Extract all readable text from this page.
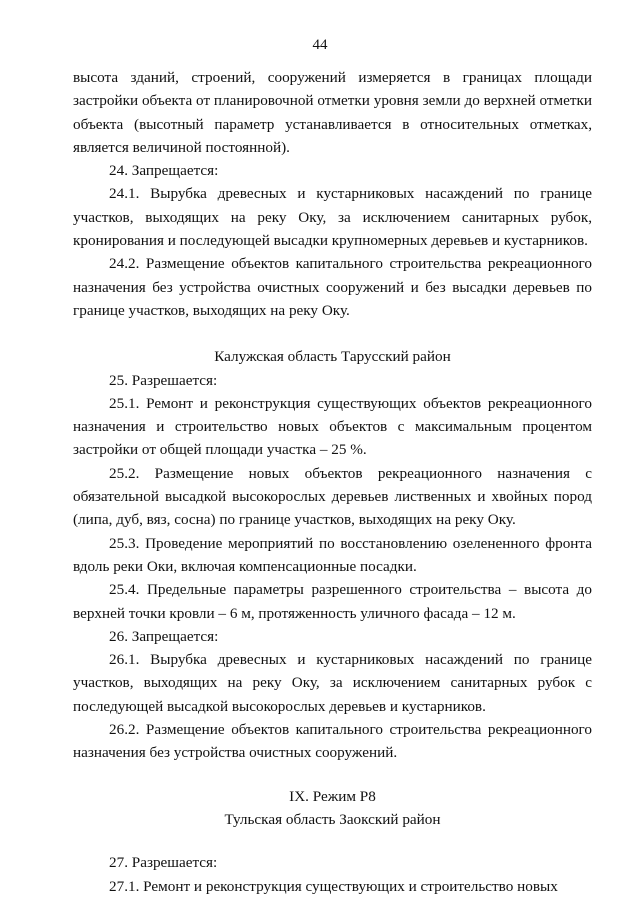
44

высота зданий, строений, сооружений измеряется в границах площади застройки объекта от планировочной отметки уровня земли до верхней отметки объекта (высотный параметр устанавливается в относительных отметках, является величиной постоянной).

24. Запрещается:

24.1. Вырубка древесных и кустарниковых насаждений по границе участков, выходящих на реку Оку, за исключением санитарных рубок, кронирования и последующей высадки крупномерных деревьев и кустарников.

24.2. Размещение объектов капитального строительства рекреационного назначения без устройства очистных сооружений и без высадки деревьев по границе участков, выходящих на реку Оку.

Калужская область Тарусский район

25. Разрешается:

25.1. Ремонт и реконструкция существующих объектов рекреационного назначения и строительство новых объектов с максимальным процентом застройки от общей площади участка – 25 %.

25.2. Размещение новых объектов рекреационного назначения с обязательной высадкой высокорослых деревьев лиственных и хвойных пород (липа, дуб, вяз, сосна) по границе участков, выходящих на реку Оку.

25.3. Проведение мероприятий по восстановлению озелененного фронта вдоль реки Оки, включая компенсационные посадки.

25.4. Предельные параметры разрешенного строительства – высота до верхней точки кровли – 6 м, протяженность уличного фасада – 12 м.

26. Запрещается:

26.1. Вырубка древесных и кустарниковых насаждений по границе участков, выходящих на реку Оку, за исключением санитарных рубок с последующей высадкой высокорослых деревьев и кустарников.

26.2. Размещение объектов капитального строительства рекреационного назначения без устройства очистных сооружений.

IX. Режим Р8

Тульская область Заокский район

27. Разрешается:

27.1. Ремонт и реконструкция существующих и строительство новых
